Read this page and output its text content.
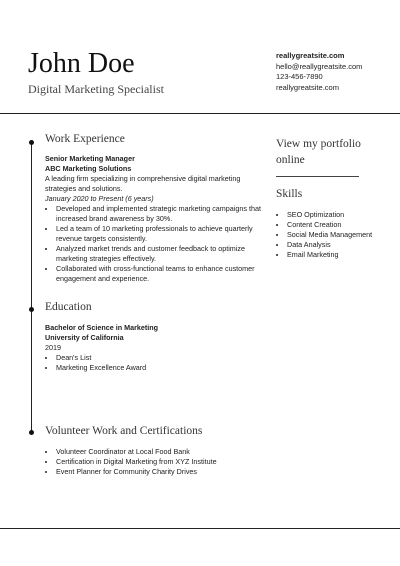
John Doe
Digital Marketing Specialist
reallygreatsite.com
hello@reallygreatsite.com
123-456-7890
reallygreatsite.com
Work Experience
Senior Marketing Manager
ABC Marketing Solutions
A leading firm specializing in comprehensive digital marketing strategies and solutions.
January 2020 to Present (6 years)
• Developed and implemented strategic marketing campaigns that increased brand awareness by 30%.
• Led a team of 10 marketing professionals to achieve quarterly revenue targets consistently.
• Analyzed market trends and customer feedback to optimize marketing strategies effectively.
• Collaborated with cross-functional teams to enhance customer engagement and experience.
Education
Bachelor of Science in Marketing
University of California
2019
• Dean's List
• Marketing Excellence Award
Volunteer Work and Certifications
• Volunteer Coordinator at Local Food Bank
• Certification in Digital Marketing from XYZ Institute
• Event Planner for Community Charity Drives
View my portfolio online
Skills
• SEO Optimization
• Content Creation
• Social Media Management
• Data Analysis
• Email Marketing
